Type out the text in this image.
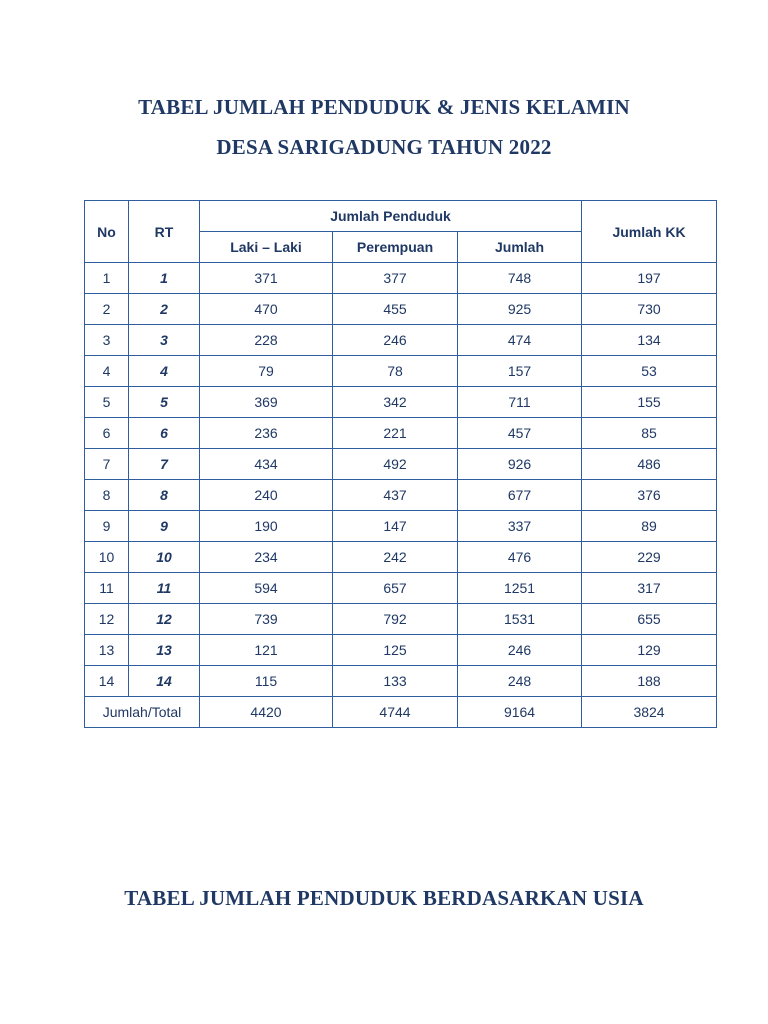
TABEL JUMLAH PENDUDUK & JENIS KELAMIN
DESA SARIGADUNG TAHUN 2022
No	RT	Jumlah Penduduk			Jumlah KK
		Laki – Laki	Perempuan	Jumlah	
1	1	371	377	748	197
2	2	470	455	925	730
3	3	228	246	474	134
4	4	79	78	157	53
5	5	369	342	711	155
6	6	236	221	457	85
7	7	434	492	926	486
8	8	240	437	677	376
9	9	190	147	337	89
10	10	234	242	476	229
11	11	594	657	1251	317
12	12	739	792	1531	655
13	13	121	125	246	129
14	14	115	133	248	188
Jumlah/Total		4420	4744	9164	3824
TABEL JUMLAH PENDUDUK BERDASARKAN USIA
